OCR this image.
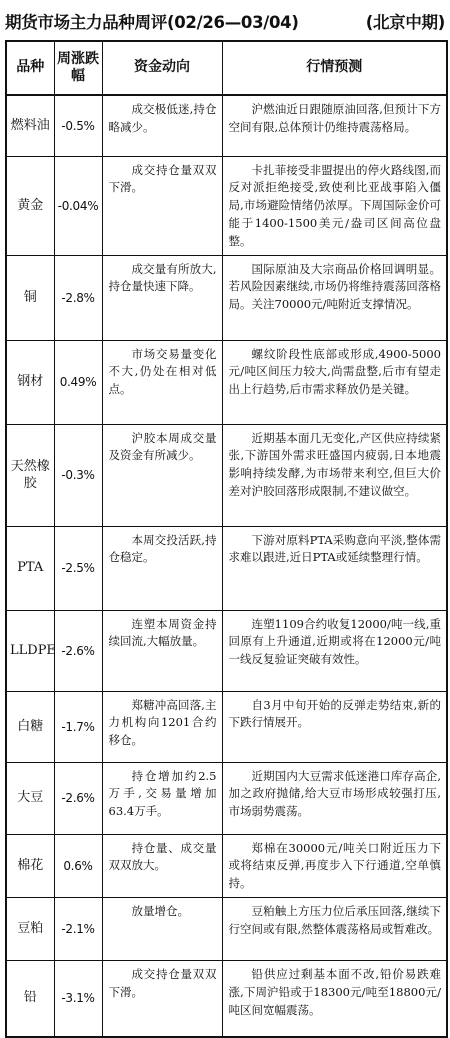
期货市场主力品种周评(02/26—03/04)	(北京中期)
品种	周涨跌幅	资金动向	行情预测
燃料油	-0.5%	成交极低迷,持仓略减少。	沪燃油近日跟随原油回落,但预计下方空间有限,总体预计仍维持震荡格局。

黄金	-0.04%	成交持仓量双双下滑。	卡扎菲接受非盟提出的停火路线图,而反对派拒绝接受,致使利比亚战事陷入僵局,市场避险情绪仍浓厚。下周国际金价可能于1400-1500美元/盎司区间高位盘整。

铜	-2.8%	成交量有所放大,持仓量快速下降。	国际原油及大宗商品价格回调明显。若风险因素继续,市场仍将维持震荡回落格局。关注70000元/吨附近支撑情况。

钢材	0.49%	市场交易量变化不大,仍处在相对低点。	螺纹阶段性底部或形成,4900-5000元/吨区间压力较大,尚需盘整,后市有望走出上行趋势,后市需求释放仍是关键。

天然橡胶	-0.3%	沪胶本周成交量及资金有所减少。	近期基本面几无变化,产区供应持续紧张,下游国外需求旺盛国内疲弱,日本地震影响持续发酵,为市场带来利空,但巨大价差对沪胶回落形成限制,不建议做空。

PTA	-2.5%	本周交投活跃,持仓稳定。	下游对原料PTA采购意向平淡,整体需求难以跟进,近日PTA或延续整理行情。

LLDPE	-2.6%	连塑本周资金持续回流,大幅放量。	连塑1109合约收复12000/吨一线,重回原有上升通道,近期或将在12000元/吨一线反复验证突破有效性。

白糖	-1.7%	郑糖冲高回落,主力机构向1201合约移仓。	自3月中旬开始的反弹走势结束,新的下跌行情展开。

大豆	-2.6%	持仓增加约2.5万手,交易量增加63.4万手。	近期国内大豆需求低迷港口库存高企,加之政府抛储,给大豆市场形成较强打压,市场弱势震荡。

棉花	0.6%	持仓量、成交量双双放大。	郑棉在30000元/吨关口附近压力下或将结束反弹,再度步入下行通道,空单慎持。

豆粕	-2.1%	放量增仓。	豆粕触上方压力位后承压回落,继续下行空间或有限,然整体震荡格局或暂难改。

铅	-3.1%	成交持仓量双双下滑。	铅供应过剩基本面不改,铅价易跌难涨,下周沪铅或于18300元/吨至18800元/吨区间宽幅震荡。
